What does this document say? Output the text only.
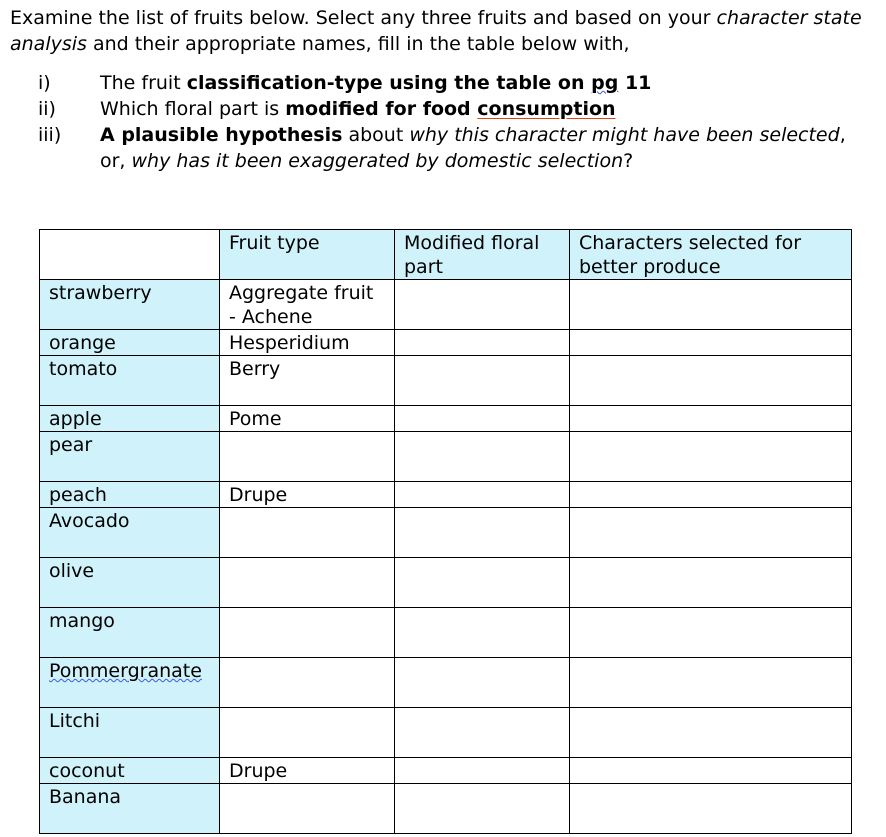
Examine the list of fruits below. Select any three fruits and based on your character state analysis and their appropriate names, fill in the table below with,

i)	The fruit classification-type using the table on pg 11
ii)	Which floral part is modified for food consumption
iii)	A plausible hypothesis about why this character might have been selected,
or, why has it been exaggerated by domestic selection?
	Fruit type	Modified floral part	Characters selected for better produce
strawberry	Aggregate fruit - Achene		
orange	Hesperidium		
tomato	Berry		
apple	Pome		
pear			
peach	Drupe		
Avocado			
olive			
mango			
Pommergranate			
Litchi			
coconut	Drupe		
Banana			
